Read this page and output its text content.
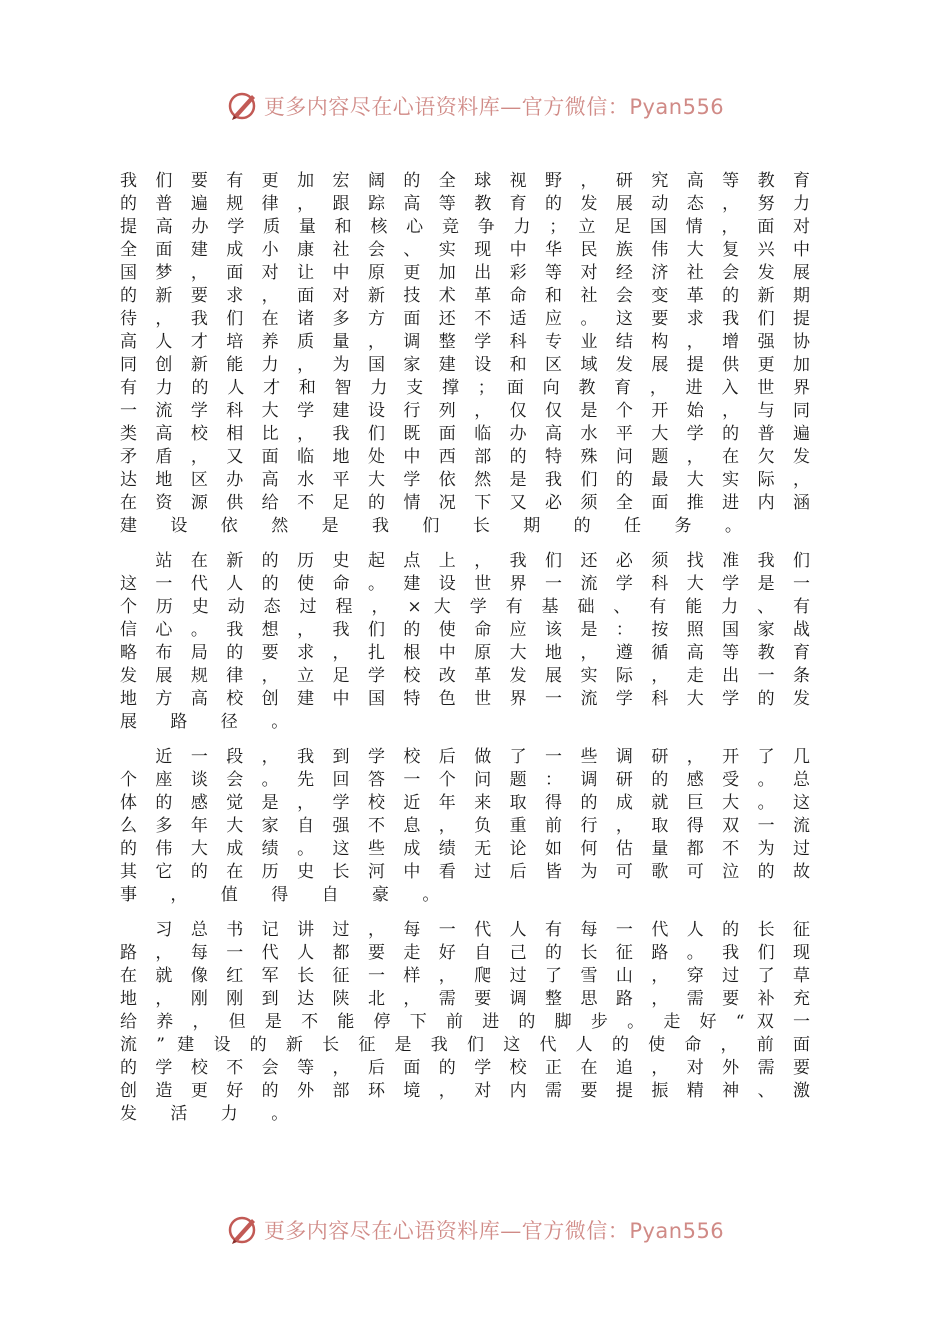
更多内容尽在心语资料库—官方微信：Pyan556
我 们 要 有 更 加 宏 阔 的 全 球 视 野 ， 研 究 高 等 教 育
的 普 遍 规 律 ， 跟 踪 高 等 教 育 的 发 展 动 态 ， 努 力
提 高 办 学 质 量 和 核 心 竞 争 力 ； 立 足 国 情 ， 面 对
全 面 建 成 小 康 社 会 、 实 现 中 华 民 族 伟 大 复 兴 中
国 梦 ， 面 对 让 中 原 更 加 出 彩 等 对 经 济 社 会 发 展
的 新 要 求 ， 面 对 新 技 术 革 命 和 社 会 变 革 的 新 期
待 ， 我 们 在 诸 多 方 面 还 不 适 应 。 这 要 求 我 们 提
高 人 才 培 养 质 量 ， 调 整 学 科 专 业 结 构 ， 增 强 协
同 创 新 能 力 ， 为 国 家 建 设 和 区 域 发 展 提 供 更 加
有 力 的 人 才 和 智 力 支 撑 ； 面 向 教 育 ， 进 入 世 界
一 流 学 科 大 学 建 设 行 列 ， 仅 仅 是 个 开 始 ， 与 同
类 高 校 相 比 ， 我 们 既 面 临 办 高 水 平 大 学 的 普 遍
矛 盾 ， 又 面 临 地 处 中 西 部 的 特 殊 问 题 ， 在 欠 发
达 地 区 办 高 水 平 大 学 依 然 是 我 们 的 最 大 实 际 ，
在 资 源 供 给 不 足 的 情 况 下 又 必 须 全 面 推 进 内 涵
建 设 依 然 是 我 们 长 期 的 任 务 。
　 站 在 新 的 历 史 起 点 上 ， 我 们 还 必 须 找 准 我 们
这 一 代 人 的 使 命 。 建 设 世 界 一 流 学 科 大 学 是 一
个 历 史 动 态 过 程 ， × 大 学 有 基 础 、 有 能 力 、 有
信 心 。 我 想 ， 我 们 的 使 命 应 该 是 ： 按 照 国 家 战
略 布 局 的 要 求 ， 扎 根 中 原 大 地 ， 遵 循 高 等 教 育
发 展 规 律 ， 立 足 学 校 改 革 发 展 实 际 ， 走 出 一 条
地 方 高 校 创 建 中 国 特 色 世 界 一 流 学 科 大 学 的 发
展 路 径 。
　 近 一 段 ， 我 到 学 校 后 做 了 一 些 调 研 ， 开 了 几
个 座 谈 会 。 先 回 答 一 个 问 题 ： 调 研 的 感 受 。 总
体 的 感 觉 是 ， 学 校 近 年 来 取 得 的 成 就 巨 大 。 这
么 多 年 大 家 自 强 不 息 ， 负 重 前 行 ， 取 得 双 一 流
的 伟 大 成 绩 。 这 些 成 绩 无 论 如 何 估 量 都 不 为 过
其 它 的 在 历 史 长 河 中 看 过 后 皆 为 可 歌 可 泣 的 故
事 ， 值 得 自 豪 。
　 习 总 书 记 讲 过 ， 每 一 代 人 有 每 一 代 人 的 长 征
路 ， 每 一 代 人 都 要 走 好 自 己 的 长 征 路 。 我 们 现
在 就 像 红 军 长 征 一 样 ， 爬 过 了 雪 山 ， 穿 过 了 草
地 ， 刚 刚 到 达 陕 北 ， 需 要 调 整 思 路 ， 需 要 补 充
给 养 ， 但 是 不 能 停 下 前 进 的 脚 步 。 走 好 “ 双 一
流 ” 建 设 的 新 长 征 是 我 们 这 代 人 的 使 命 ， 前 面
的 学 校 不 会 等 ， 后 面 的 学 校 正 在 追 ， 对 外 需 要
创 造 更 好 的 外 部 环 境 ， 对 内 需 要 提 振 精 神 、 激
发 活 力 。
更多内容尽在心语资料库—官方微信：Pyan556
